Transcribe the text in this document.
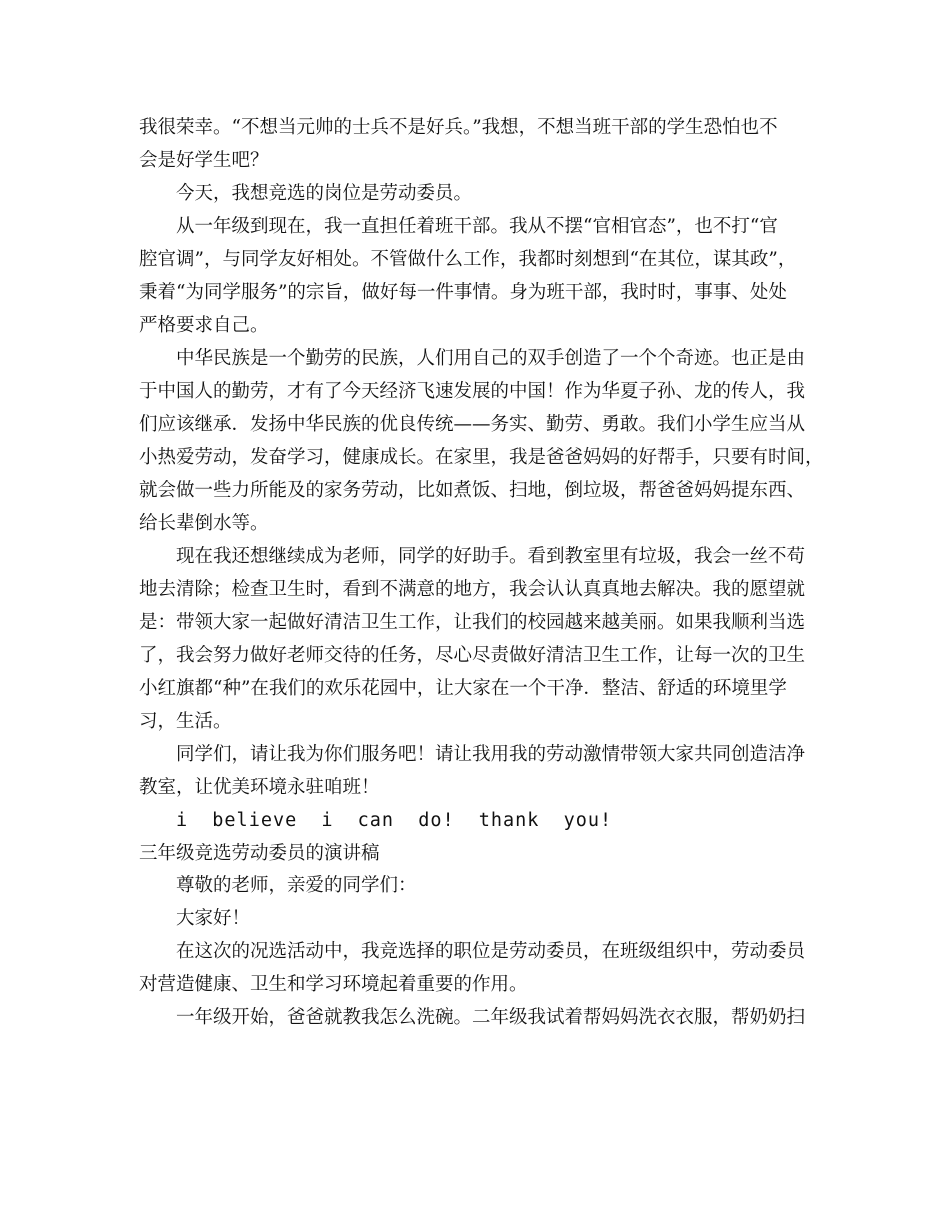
我很荣幸。“不想当元帅的士兵不是好兵。”我想，不想当班干部的学生恐怕也不
会是好学生吧？
今天，我想竞选的岗位是劳动委员。
从一年级到现在，我一直担任着班干部。我从不摆“官相官态”，也不打“官
腔官调”，与同学友好相处。不管做什么工作，我都时刻想到“在其位，谋其政”，
秉着“为同学服务”的宗旨，做好每一件事情。身为班干部，我时时，事事、处处
严格要求自己。
中华民族是一个勤劳的民族，人们用自己的双手创造了一个个奇迹。也正是由
于中国人的勤劳，才有了今天经济飞速发展的中国！作为华夏子孙、龙的传人，我
们应该继承．发扬中华民族的优良传统——务实、勤劳、勇敢。我们小学生应当从
小热爱劳动，发奋学习，健康成长。在家里，我是爸爸妈妈的好帮手，只要有时间，
就会做一些力所能及的家务劳动，比如煮饭、扫地，倒垃圾，帮爸爸妈妈提东西、
给长辈倒水等。
现在我还想继续成为老师，同学的好助手。看到教室里有垃圾，我会一丝不苟
地去清除；检查卫生时，看到不满意的地方，我会认认真真地去解决。我的愿望就
是：带领大家一起做好清洁卫生工作，让我们的校园越来越美丽。如果我顺利当选
了，我会努力做好老师交待的任务，尽心尽责做好清洁卫生工作，让每一次的卫生
小红旗都“种”在我们的欢乐花园中，让大家在一个干净．整洁、舒适的环境里学
习，生活。
同学们，请让我为你们服务吧！请让我用我的劳动激情带领大家共同创造洁净
教室，让优美环境永驻咱班！
i believe i can do! thank you!
三年级竞选劳动委员的演讲稿
尊敬的老师，亲爱的同学们：
大家好！
在这次的况选活动中，我竞选择的职位是劳动委员，在班级组织中，劳动委员
对营造健康、卫生和学习环境起着重要的作用。
一年级开始，爸爸就教我怎么洗碗。二年级我试着帮妈妈洗衣衣服，帮奶奶扫
